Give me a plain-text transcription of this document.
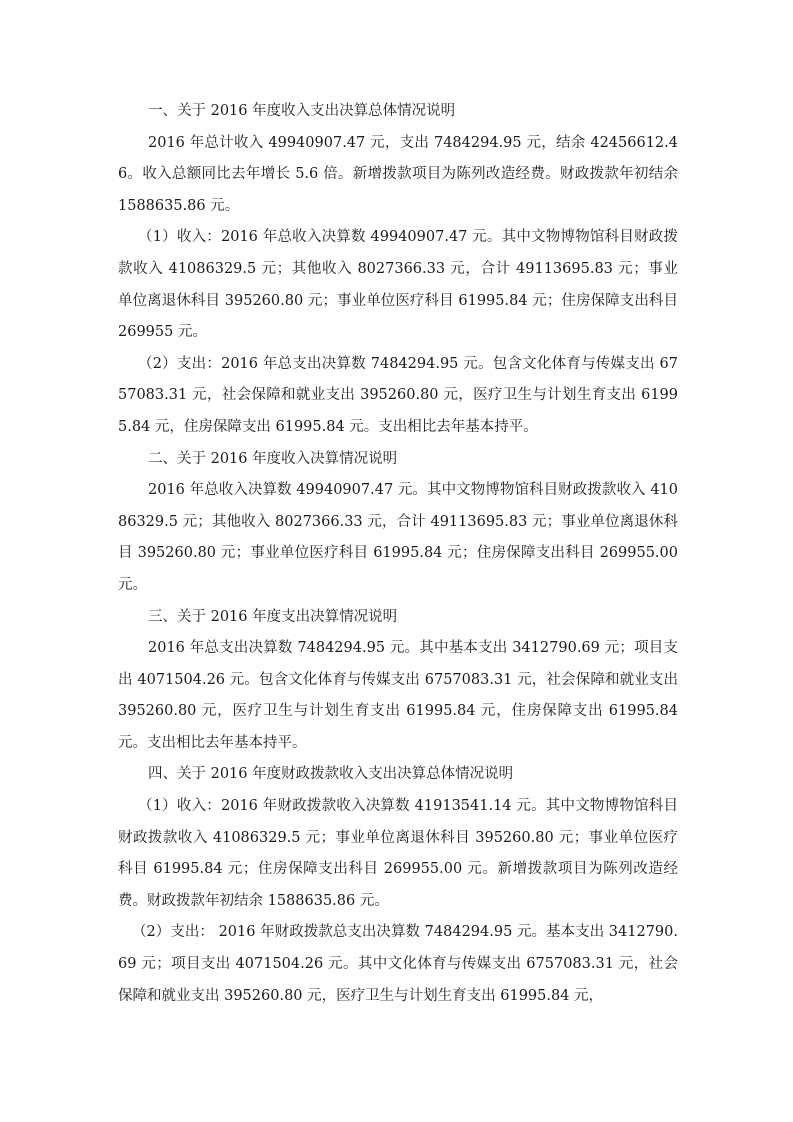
一、关于 2016 年度收入支出决算总体情况说明

2016 年总计收入 49940907.47 元，支出 7484294.95 元，结余 42456612.46。收入总额同比去年增长 5.6 倍。新增拨款项目为陈列改造经费。财政拨款年初结余 1588635.86 元。

（1）收入：2016 年总收入决算数 49940907.47 元。其中文物博物馆科目财政拨款收入 41086329.5 元；其他收入 8027366.33 元，合计 49113695.83 元；事业单位离退休科目 395260.80 元；事业单位医疗科目 61995.84 元；住房保障支出科目 269955 元。

（2）支出：2016 年总支出决算数 7484294.95 元。包含文化体育与传媒支出 6757083.31 元，社会保障和就业支出 395260.80 元，医疗卫生与计划生育支出 61995.84 元，住房保障支出 61995.84 元。支出相比去年基本持平。

二、关于 2016 年度收入决算情况说明

2016 年总收入决算数 49940907.47 元。其中文物博物馆科目财政拨款收入 41086329.5 元；其他收入 8027366.33 元，合计 49113695.83 元；事业单位离退休科目 395260.80 元；事业单位医疗科目 61995.84 元；住房保障支出科目 269955.00 元。

三、关于 2016 年度支出决算情况说明

2016 年总支出决算数 7484294.95 元。其中基本支出 3412790.69 元；项目支出 4071504.26 元。包含文化体育与传媒支出 6757083.31 元，社会保障和就业支出 395260.80 元，医疗卫生与计划生育支出 61995.84 元，住房保障支出 61995.84 元。支出相比去年基本持平。

四、关于 2016 年度财政拨款收入支出决算总体情况说明

（1）收入：2016 年财政拨款收入决算数 41913541.14 元。其中文物博物馆科目财政拨款收入 41086329.5 元；事业单位离退休科目 395260.80 元；事业单位医疗科目 61995.84 元；住房保障支出科目 269955.00 元。新增拨款项目为陈列改造经费。财政拨款年初结余 1588635.86 元。

（2）支出： 2016 年财政拨款总支出决算数 7484294.95 元。基本支出 3412790.69 元；项目支出 4071504.26 元。其中文化体育与传媒支出 6757083.31 元，社会保障和就业支出 395260.80 元，医疗卫生与计划生育支出 61995.84 元，
